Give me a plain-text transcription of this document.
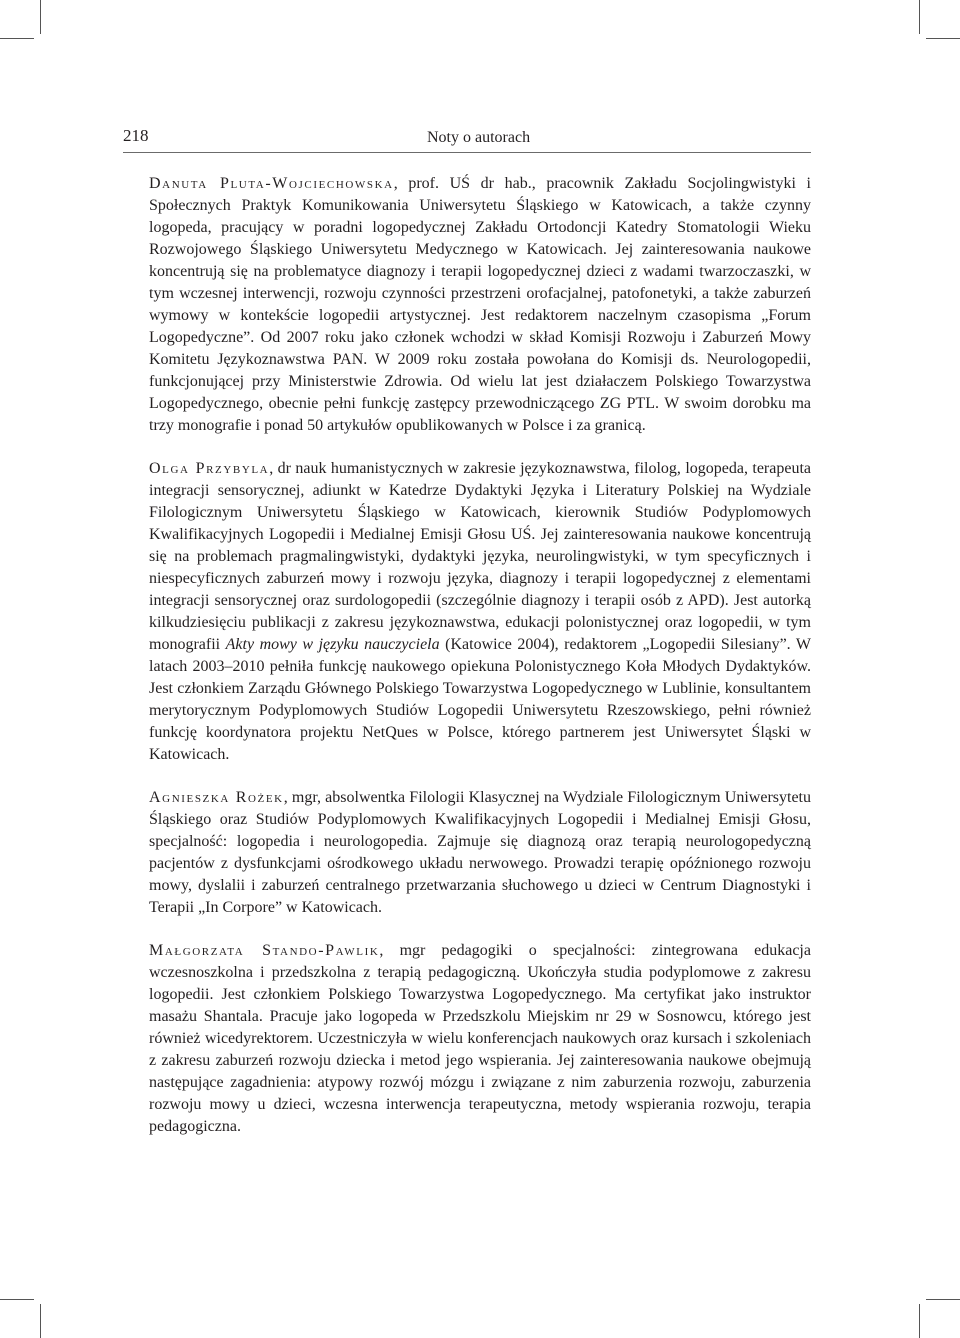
218	Noty o autorach

Danuta Pluta-Wojciechowska, prof. UŚ dr hab., pracownik Zakładu Socjolingwistyki i Społecznych Praktyk Komunikowania Uniwersytetu Śląskiego w Katowicach, a także czynny logopeda, pracujący w poradni logopedycznej Zakładu Ortodoncji Katedry Stomatologii Wieku Rozwojowego Śląskiego Uniwersytetu Medycznego w Katowicach. Jej zainteresowania naukowe koncentrują się na problematyce diagnozy i terapii logopedycznej dzieci z wadami twarzoczaszki, w tym wczesnej interwencji, rozwoju czynności przestrzeni orofacjalnej, patofonetyki, a także zaburzeń wymowy w kontekście logopedii artystycznej. Jest redaktorem naczelnym czasopisma „Forum Logopedyczne”. Od 2007 roku jako członek wchodzi w skład Komisji Rozwoju i Zaburzeń Mowy Komitetu Językoznawstwa PAN. W 2009 roku została powołana do Komisji ds. Neurologopedii, funkcjonującej przy Ministerstwie Zdrowia. Od wielu lat jest działaczem Polskiego Towarzystwa Logopedycznego, obecnie pełni funkcję zastępcy przewodniczącego ZG PTL. W swoim dorobku ma trzy monografie i ponad 50 artykułów opublikowanych w Polsce i za granicą.

Olga Przybyla, dr nauk humanistycznych w zakresie językoznawstwa, filolog, logopeda, terapeuta integracji sensorycznej, adiunkt w Katedrze Dydaktyki Języka i Literatury Polskiej na Wydziale Filologicznym Uniwersytetu Śląskiego w Katowicach, kierownik Studiów Podyplomowych Kwalifikacyjnych Logopedii i Medialnej Emisji Głosu UŚ. Jej zainteresowania naukowe koncentrują się na problemach pragmalingwistyki, dydaktyki języka, neurolingwistyki, w tym specyficznych i niespecyficznych zaburzeń mowy i rozwoju języka, diagnozy i terapii logopedycznej z elementami integracji sensorycznej oraz surdologopedii (szczególnie diagnozy i terapii osób z APD). Jest autorką kilkudziesięciu publikacji z zakresu językoznawstwa, edukacji polonistycznej oraz logopedii, w tym monografii Akty mowy w języku nauczyciela (Katowice 2004), redaktorem „Logopedii Silesiany”. W latach 2003–2010 pełniła funkcję naukowego opiekuna Polonistycznego Koła Młodych Dydaktyków. Jest członkiem Zarządu Głównego Polskiego Towarzystwa Logopedycznego w Lublinie, konsultantem merytorycznym Podyplomowych Studiów Logopedii Uniwersytetu Rzeszowskiego, pełni również funkcję koordynatora projektu NetQues w Polsce, którego partnerem jest Uniwersytet Śląski w Katowicach.

Agnieszka Rożek, mgr, absolwentka Filologii Klasycznej na Wydziale Filologicznym Uniwersytetu Śląskiego oraz Studiów Podyplomowych Kwalifikacyjnych Logopedii i Medialnej Emisji Głosu, specjalność: logopedia i neurologopedia. Zajmuje się diagnozą oraz terapią neurologopedyczną pacjentów z dysfunkcjami ośrodkowego układu nerwowego. Prowadzi terapię opóźnionego rozwoju mowy, dyslalii i zaburzeń centralnego przetwarzania słuchowego u dzieci w Centrum Diagnostyki i Terapii „In Corpore” w Katowicach.

Małgorzata Stando-Pawlik, mgr pedagogiki o specjalności: zintegrowana edukacja wczesnoszkolna i przedszkolna z terapią pedagogiczną. Ukończyła studia podyplomowe z zakresu logopedii. Jest członkiem Polskiego Towarzystwa Logopedycznego. Ma certyfikat jako instruktor masażu Shantala. Pracuje jako logopeda w Przedszkolu Miejskim nr 29 w Sosnowcu, którego jest również wicedyrektorem. Uczestniczyła w wielu konferencjach naukowych oraz kursach i szkoleniach z zakresu zaburzeń rozwoju dziecka i metod jego wspierania. Jej zainteresowania naukowe obejmują następujące zagadnienia: atypowy rozwój mózgu i związane z nim zaburzenia rozwoju, zaburzenia rozwoju mowy u dzieci, wczesna interwencja terapeutyczna, metody wspierania rozwoju, terapia pedagogiczna.
